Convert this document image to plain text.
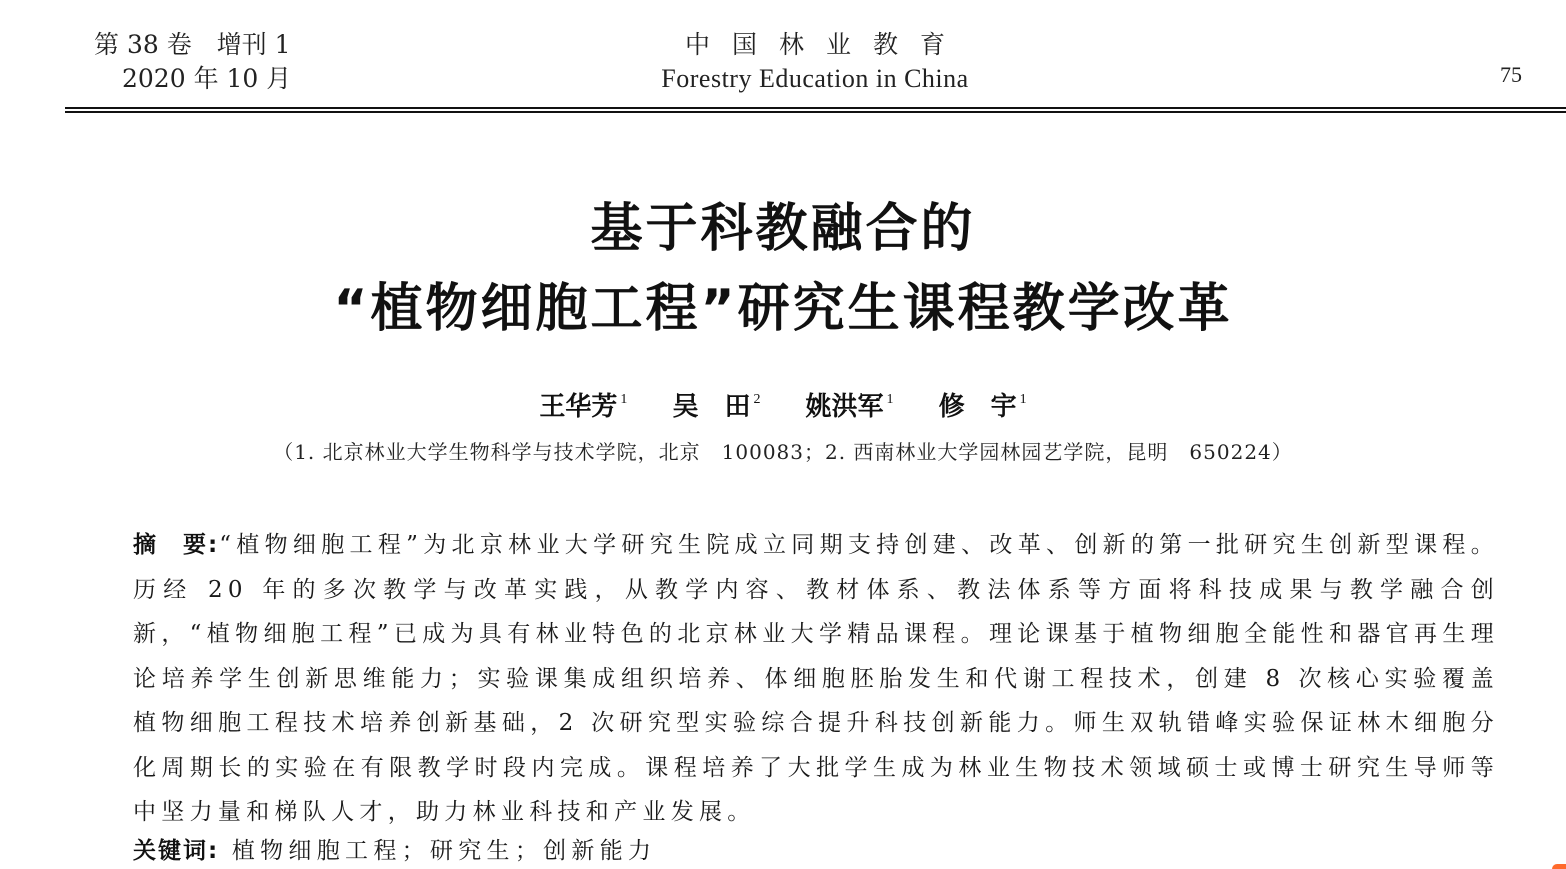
第 38 卷　增刊 1
2020 年 10 月
中国林业教育
Forestry Education in China	75
基于科教融合的
“植物细胞工程”研究生课程教学改革
王华芳 $^1$ 吴　田 $^2$ 姚洪军 $^1$ 修　宇 $^1$
（1. 北京林业大学生物科学与技术学院，北京　100083；2. 西南林业大学园林园艺学院，昆明　650224）
摘　要:“植物细胞工程”为北京林业大学研究生院成立同期支持创建、改革、创新的第一批研究生创新型课程。历经 20 年的多次教学与改革实践，从教学内容、教材体系、教法体系等方面将科技成果与教学融合创新，“植物细胞工程”已成为具有林业特色的北京林业大学精品课程。理论课基于植物细胞全能性和器官再生理论培养学生创新思维能力；实验课集成组织培养、体细胞胚胎发生和代谢工程技术，创建 8 次核心实验覆盖植物细胞工程技术培养创新基础，2 次研究型实验综合提升科技创新能力。师生双轨错峰实验保证林木细胞分化周期长的实验在有限教学时段内完成。课程培养了大批学生成为林业生物技术领域硕士或博士研究生导师等中坚力量和梯队人才，助力林业科技和产业发展。
关键词: 植物细胞工程；研究生；创新能力
